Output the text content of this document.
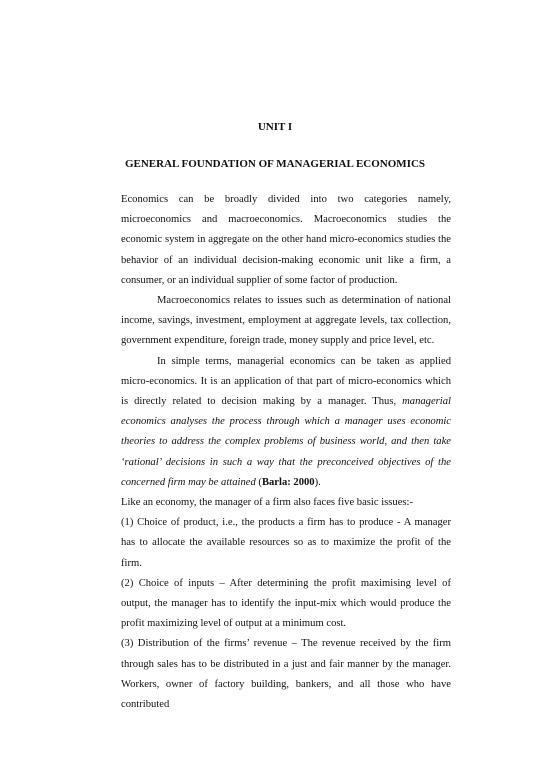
UNIT I
GENERAL FOUNDATION OF MANAGERIAL ECONOMICS

Economics can be broadly divided into two categories namely, microeconomics and macroeconomics. Macroeconomics studies the economic system in aggregate on the other hand micro-economics studies the behavior of an individual decision-making economic unit like a firm, a consumer, or an individual supplier of some factor of production.

Macroeconomics relates to issues such as determination of national income, savings, investment, employment at aggregate levels, tax collection, government expenditure, foreign trade, money supply and price level, etc.

In simple terms, managerial economics can be taken as applied micro-economics. It is an application of that part of micro-economics which is directly related to decision making by a manager. Thus, managerial economics analyses the process through which a manager uses economic theories to address the complex problems of business world, and then take ‘rational’ decisions in such a way that the preconceived objectives of the concerned firm may be attained (Barla: 2000).

Like an economy, the manager of a firm also faces five basic issues:-

(1) Choice of product, i.e., the products a firm has to produce - A manager has to allocate the available resources so as to maximize the profit of the firm.

(2) Choice of inputs – After determining the profit maximising level of output, the manager has to identify the input-mix which would produce the profit maximizing level of output at a minimum cost.

(3) Distribution of the firms’ revenue – The revenue received by the firm through sales has to be distributed in a just and fair manner by the manager. Workers, owner of factory building, bankers, and all those who have contributed
